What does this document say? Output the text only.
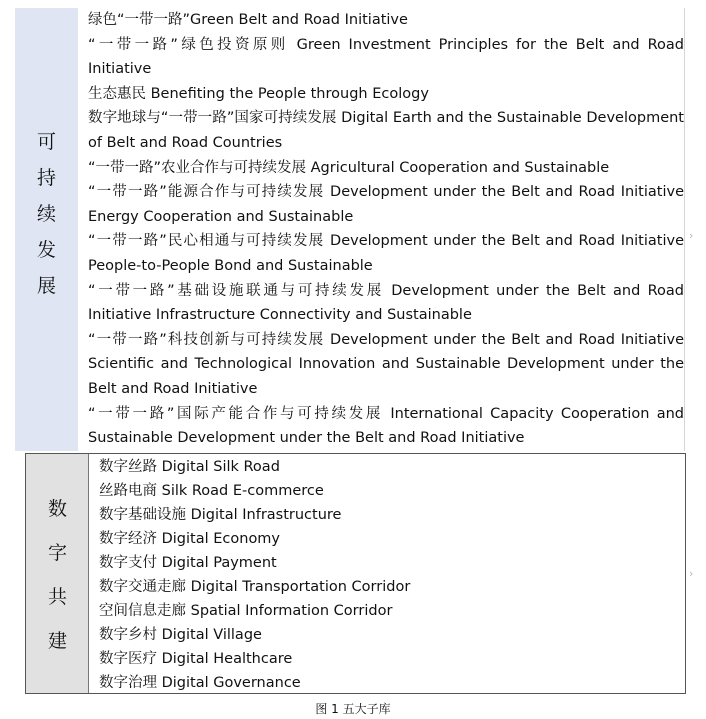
可
持
续
发
展
绿色“一带一路”Green Belt and Road Initiative
“一带一路”绿色投资原则 Green Investment Principles for the Belt and Road Initiative
生态惠民 Benefiting the People through Ecology
数字地球与“一带一路”国家可持续发展 Digital Earth and the Sustainable Development of Belt and Road Countries
“一带一路”农业合作与可持续发展 Agricultural Cooperation and Sustainable
“一带一路”能源合作与可持续发展 Development under the Belt and Road Initiative Energy Cooperation and Sustainable
“一带一路”民心相通与可持续发展 Development under the Belt and Road Initiative People-to-People Bond and Sustainable
“一带一路”基础设施联通与可持续发展 Development under the Belt and Road Initiative Infrastructure Connectivity and Sustainable
“一带一路”科技创新与可持续发展 Development under the Belt and Road Initiative Scientific and Technological Innovation and Sustainable Development under the Belt and Road Initiative
“一带一路”国际产能合作与可持续发展 International Capacity Cooperation and Sustainable Development under the Belt and Road Initiative
数
字
共
建
数字丝路 Digital Silk Road
丝路电商 Silk Road E-commerce
数字基础设施 Digital Infrastructure
数字经济 Digital Economy
数字支付 Digital Payment
数字交通走廊 Digital Transportation Corridor
空间信息走廊 Spatial Information Corridor
数字乡村 Digital Village
数字医疗 Digital Healthcare
数字治理 Digital Governance
›
›
图 1 五大子库
